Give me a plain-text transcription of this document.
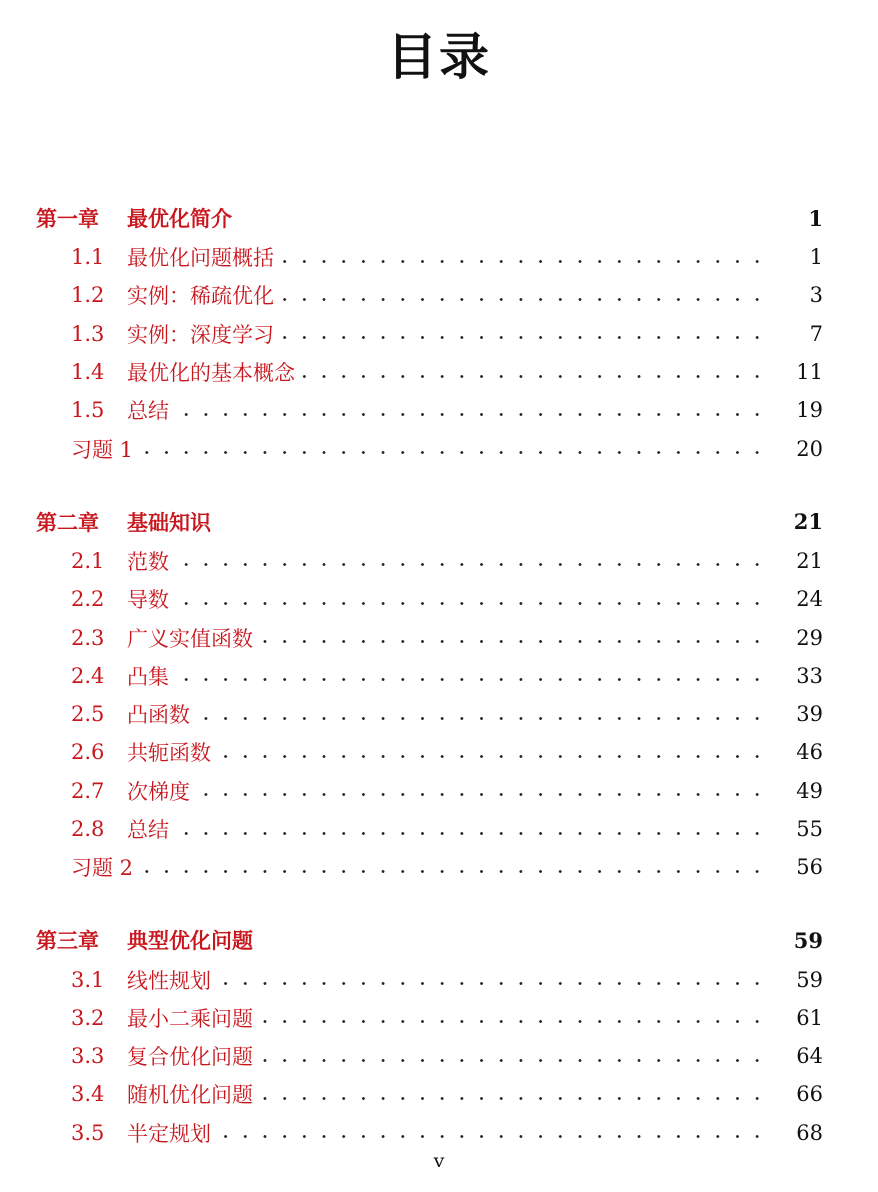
目录
第一章	最优化简介	1
1.1	最优化问题概括	1
1.2	实例：稀疏优化	3
1.3	实例：深度学习	7
1.4	最优化的基本概念	11
1.5	总结	19
习题 1	20
第二章	基础知识	21
2.1	范数	21
2.2	导数	24
2.3	广义实值函数	29
2.4	凸集	33
2.5	凸函数	39
2.6	共轭函数	46
2.7	次梯度	49
2.8	总结	55
习题 2	56
第三章	典型优化问题	59
3.1	线性规划	59
3.2	最小二乘问题	61
3.3	复合优化问题	64
3.4	随机优化问题	66
3.5	半定规划	68
v
